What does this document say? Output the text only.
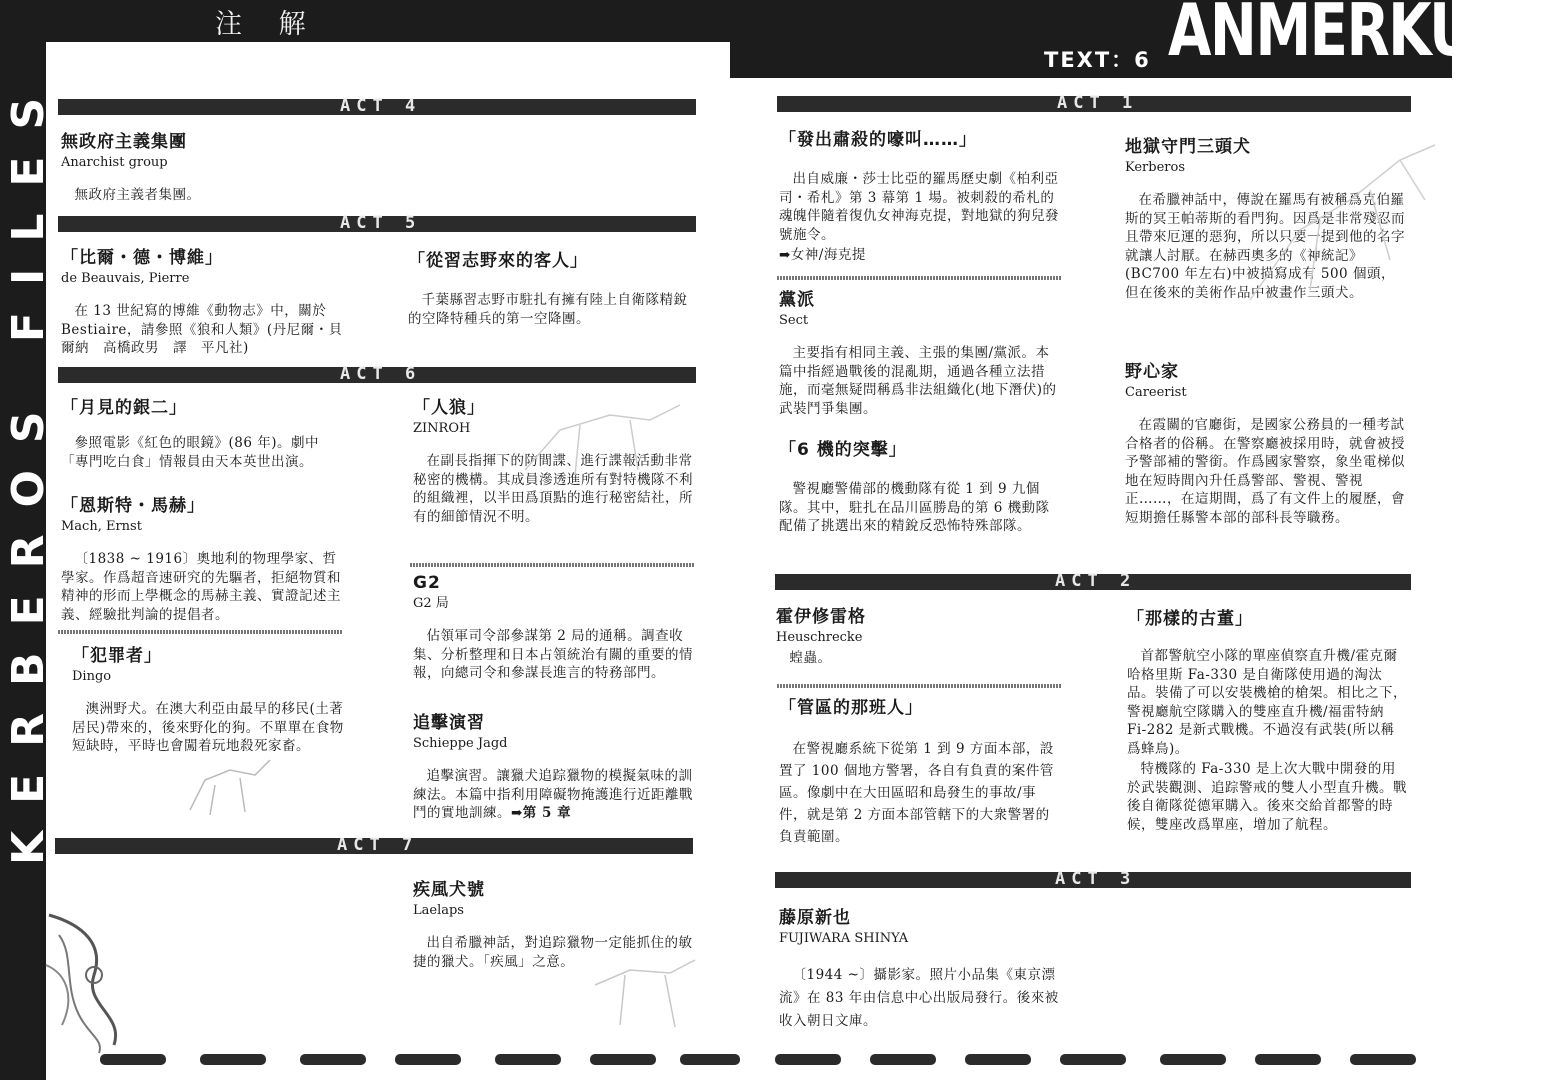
注 解
TEXT：6 ANMERKUNG
KERBEROS FILES	ACT 4
無政府主義集團
Anarchist group
無政府主義者集團。
ACT 5
「比爾・德・博維」
de Beauvais, Pierre
在 13 世紀寫的博維《動物志》中，關於 Bestiaire，請參照《狼和人類》(丹尼爾・貝爾納　高橋政男　譯　平凡社)
「從習志野來的客人」
千葉縣習志野市駐扎有擁有陸上自衛隊精銳的空降特種兵的第一空降團。
ACT 6
「月見的銀二」
參照電影《紅色的眼鏡》(86 年)。劇中「專門吃白食」情報員由天本英世出演。
「恩斯特・馬赫」
Mach, Ernst
〔1838 ~ 1916〕奧地利的物理學家、哲學家。作爲超音速研究的先驅者，拒絕物質和精神的形而上學概念的馬赫主義、實證記述主義、經驗批判論的提倡者。
「犯罪者」
Dingo
澳洲野犬。在澳大利亞由最早的移民(土著居民)帶來的，後來野化的狗。不單單在食物短缺時，平時也會闖着玩地殺死家畜。
「人狼」
ZINROH
在副長指揮下的防間諜、進行諜報活動非常秘密的機構。其成員滲透進所有對特機隊不利的組織裡，以半田爲頂點的進行秘密結社，所有的細節情況不明。
G2
G2 局
佔領軍司令部參謀第 2 局的通稱。調查收集、分析整理和日本占領統治有關的重要的情報，向總司令和參謀長進言的特務部門。
追擊演習
Schieppe Jagd
追擊演習。讓獵犬追踪獵物的模擬氣味的訓練法。本篇中指利用障礙物掩護進行近距離戰鬥的實地訓練。➡第 5 章
ACT 7
疾風犬號
Laelaps
出自希臘神話，對追踪獵物一定能抓住的敏捷的獵犬。「疾風」之意。
ACT 1
「發出肅殺的嚎叫……」
出自威廉・莎士比亞的羅馬歷史劇《柏利亞司・希札》第 3 幕第 1 場。被刺殺的希札的魂魄伴隨着復仇女神海克提，對地獄的狗兒發號施令。
➡女神/海克提
黨派
Sect
主要指有相同主義、主張的集團/黨派。本篇中指經過戰後的混亂期，通過各種立法措施，而毫無疑問稱爲非法組織化(地下潛伏)的武裝鬥爭集團。
「6 機的突擊」
警視廳警備部的機動隊有從 1 到 9 九個隊。其中，駐扎在品川區勝島的第 6 機動隊配備了挑選出來的精銳反恐怖特殊部隊。
地獄守門三頭犬
Kerberos
在希臘神話中，傳說在羅馬有被稱爲克伯羅斯的冥王帕蒂斯的看門狗。因爲是非常殘忍而且帶來厄運的惡狗，所以只要一提到他的名字就讓人討厭。在赫西奧多的《神統記》(BC700 年左右)中被描寫成有 500 個頭，但在後來的美術作品中被畫作三頭犬。
野心家
Careerist
在霞關的官廳街，是國家公務員的一種考試合格者的俗稱。在警察廳被採用時，就會被授予警部補的警銜。作爲國家警察，象坐電梯似地在短時間內升任爲警部、警視、警視正……，在這期間，爲了有文件上的履歷，會短期擔任縣警本部的部科長等職務。
ACT 2
霍伊修雷格
Heuschrecke
蝗蟲。
「管區的那班人」
在警視廳系統下從第 1 到 9 方面本部，設置了 100 個地方警署，各自有負責的案件管區。像劇中在大田區昭和島發生的事故/事件，就是第 2 方面本部管轄下的大衆警署的負責範圍。
「那樣的古董」
首都警航空小隊的單座偵察直升機/霍克爾哈格里斯 Fa-330 是自衛隊使用過的淘汰品。裝備了可以安裝機槍的槍架。相比之下，警視廳航空隊購入的雙座直升機/福雷特納 Fi-282 是新式戰機。不過沒有武裝(所以稱爲蜂鳥)。
特機隊的 Fa-330 是上次大戰中開發的用於武裝觀測、追踪警戒的雙人小型直升機。戰後自衛隊從德軍購入。後來交給首都警的時候，雙座改爲單座，增加了航程。
ACT 3
藤原新也
FUJIWARA SHINYA
〔1944 ~〕攝影家。照片小品集《東京漂流》在 83 年由信息中心出版局發行。後來被收入朝日文庫。
